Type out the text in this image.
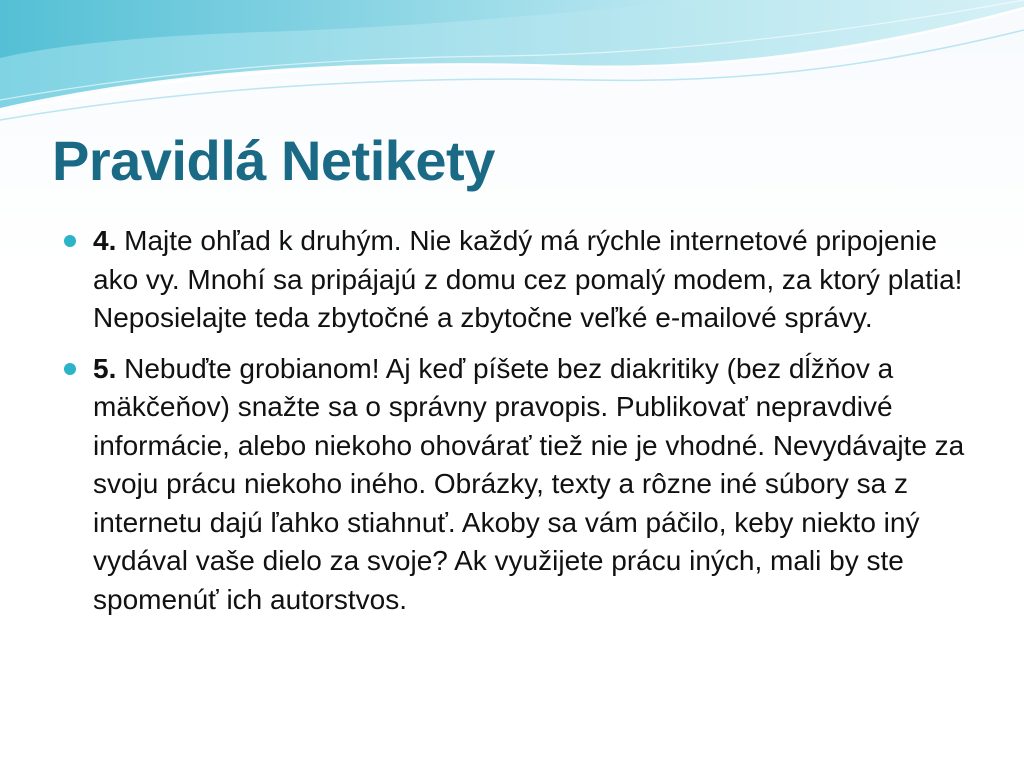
Pravidlá Netikety
4. Majte ohľad k druhým. Nie každý má rýchle internetové pripojenie ako vy. Mnohí sa pripájajú z domu cez pomalý modem, za ktorý platia! Neposielajte teda zbytočné a zbytočne veľké e-mailové správy.
5. Nebuďte grobianom! Aj keď píšete bez diakritiky (bez dĺžňov a mäkčeňov) snažte sa o správny pravopis. Publikovať nepravdivé informácie, alebo niekoho ohovárať tiež nie je vhodné. Nevydávajte za svoju prácu niekoho iného. Obrázky, texty a rôzne iné súbory sa z internetu dajú ľahko stiahnuť. Akoby sa vám páčilo, keby niekto iný vydával vaše dielo za svoje? Ak využijete prácu iných, mali by ste spomenúť ich autorstvos.
